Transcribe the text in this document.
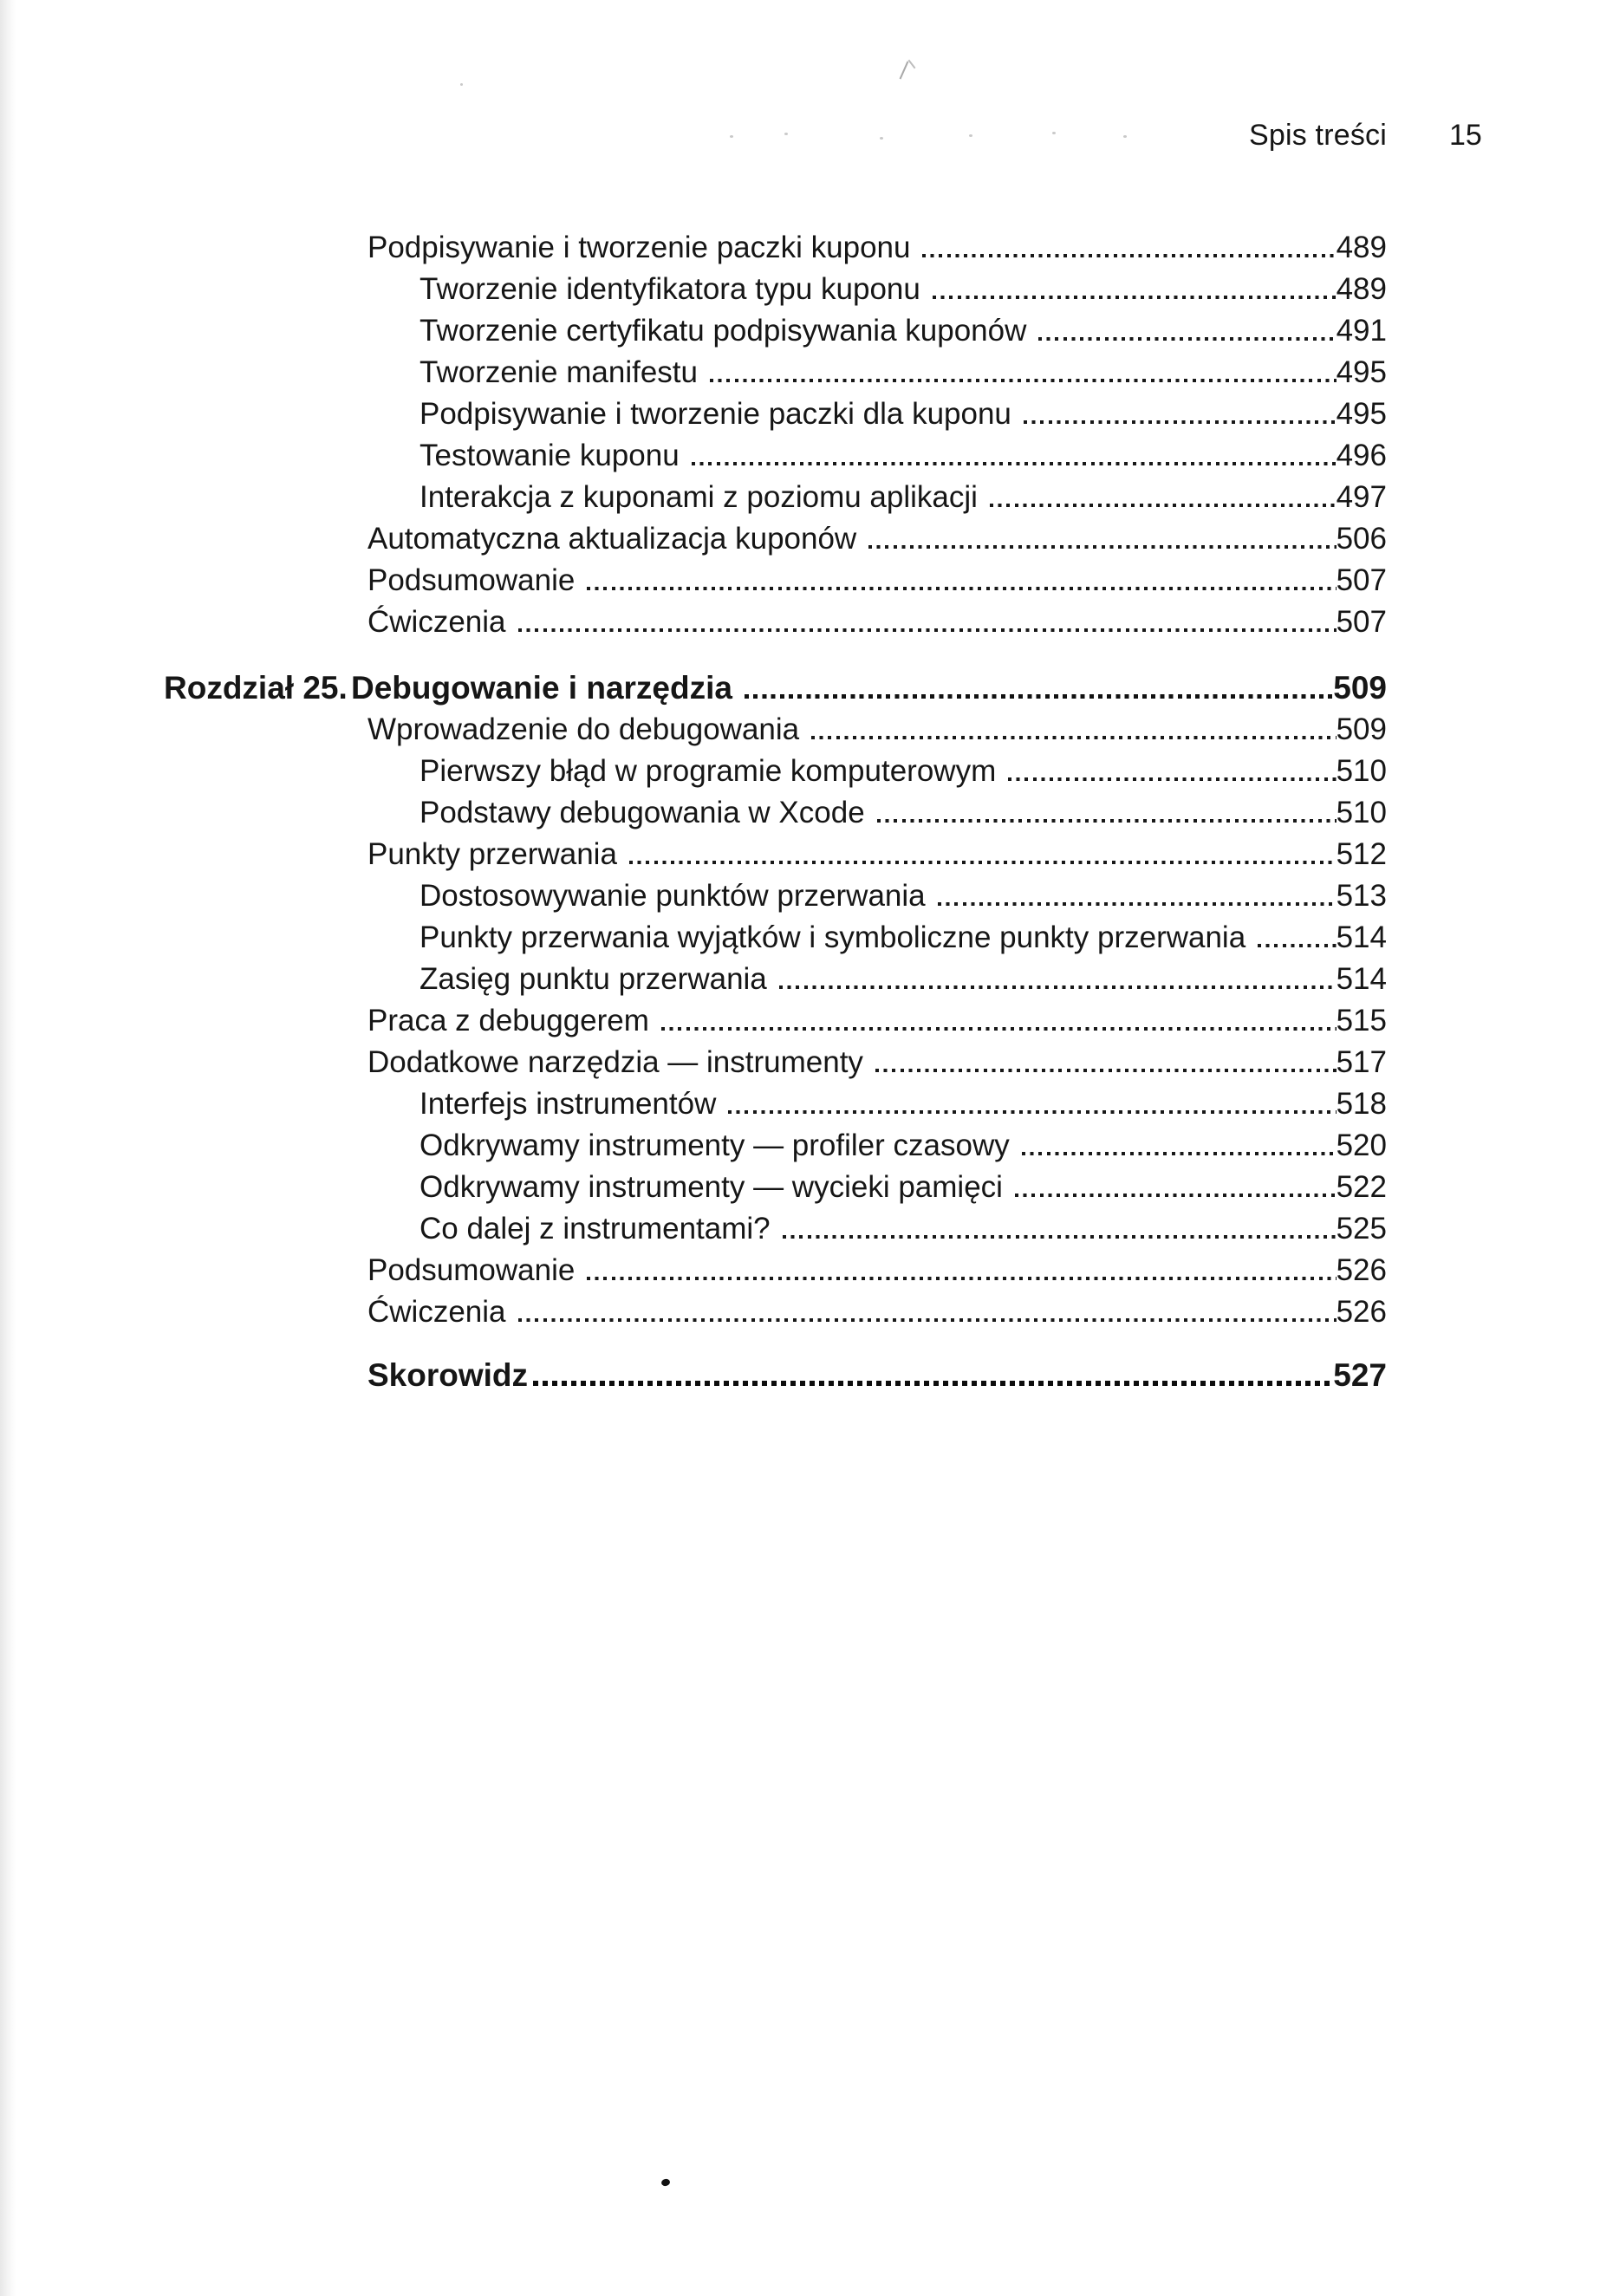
Spis treści 15
Podpisywanie i tworzenie paczki kuponu	489
Tworzenie identyfikatora typu kuponu	489
Tworzenie certyfikatu podpisywania kuponów	491
Tworzenie manifestu	495
Podpisywanie i tworzenie paczki dla kuponu	495
Testowanie kuponu	496
Interakcja z kuponami z poziomu aplikacji	497
Automatyczna aktualizacja kuponów	506
Podsumowanie	507
Ćwiczenia	507
Rozdział 25. Debugowanie i narzędzia	509
Wprowadzenie do debugowania	509
Pierwszy błąd w programie komputerowym	510
Podstawy debugowania w Xcode	510
Punkty przerwania	512
Dostosowywanie punktów przerwania	513
Punkty przerwania wyjątków i symboliczne punkty przerwania	514
Zasięg punktu przerwania	514
Praca z debuggerem	515
Dodatkowe narzędzia — instrumenty	517
Interfejs instrumentów	518
Odkrywamy instrumenty — profiler czasowy	520
Odkrywamy instrumenty — wycieki pamięci	522
Co dalej z instrumentami?	525
Podsumowanie	526
Ćwiczenia	526
Skorowidz	527
